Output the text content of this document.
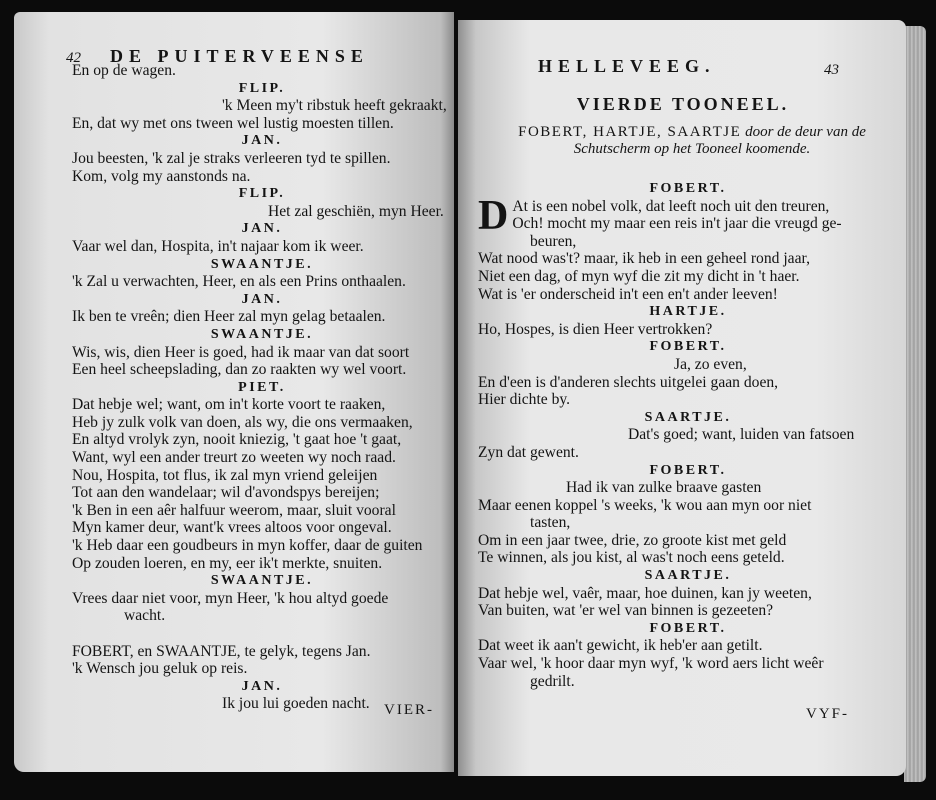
42 DE PUITERVEENSE
En op de wagen.
FLIP.
'k Meen my't ribstuk heeft gekraakt,
En, dat wy met ons tween wel lustig moesten tillen.
JAN.
Jou beesten, 'k zal je straks verleeren tyd te spillen.
Kom, volg my aanstonds na.
FLIP.
Het zal geschiën, myn Heer.
JAN.
Vaar wel dan, Hospita, in't najaar kom ik weer.
SWAANTJE.
'k Zal u verwachten, Heer, en als een Prins onthaalen.
JAN.
Ik ben te vreên; dien Heer zal myn gelag betaalen.
SWAANTJE.
Wis, wis, dien Heer is goed, had ik maar van dat soort
Een heel scheepslading, dan zo raakten wy wel voort.
PIET.
Dat hebje wel; want, om in't korte voort te raaken,
Heb jy zulk volk van doen, als wy, die ons vermaaken,
En altyd vrolyk zyn, nooit kniezig, 't gaat hoe 't gaat,
Want, wyl een ander treurt zo weeten wy noch raad.
Nou, Hospita, tot flus, ik zal myn vriend geleijen
Tot aan den wandelaar; wil d'avondspys bereijen;
'k Ben in een aêr halfuur weerom, maar, sluit vooral
Myn kamer deur, want'k vrees altoos voor ongeval.
'k Heb daar een goudbeurs in myn koffer, daar de guiten
Op zouden loeren, en my, eer ik't merkte, snuiten.
SWAANTJE.
Vrees daar niet voor, myn Heer, 'k hou altyd goede
wacht.
FOBERT, en SWAANTJE, te gelyk, tegens Jan.
'k Wensch jou geluk op reis.
JAN.
Ik jou lui goeden nacht. VIER-
HELLEVEEG.	43
VIERDE TOONEEL.
FOBERT, HARTJE, SAARTJE door de deur van de Schutscherm op het Tooneel koomende.
FOBERT.
D At is een nobel volk, dat leeft noch uit den treuren,
Och! mocht my maar een reis in't jaar die vreugd ge-
beuren,
Wat nood was't? maar, ik heb in een geheel rond jaar,
Niet een dag, of myn wyf die zit my dicht in 't haer.
Wat is 'er onderscheid in't een en't ander leeven!
HARTJE.
Ho, Hospes, is dien Heer vertrokken?
FOBERT.
Ja, zo even,
En d'een is d'anderen slechts uitgelei gaan doen,
Hier dichte by.
SAARTJE.
Dat's goed; want, luiden van fatsoen
Zyn dat gewent.
FOBERT.
Had ik van zulke braave gasten
Maar eenen koppel 's weeks, 'k wou aan myn oor niet
tasten,
Om in een jaar twee, drie, zo groote kist met geld
Te winnen, als jou kist, al was't noch eens geteld.
SAARTJE.
Dat hebje wel, vaêr, maar, hoe duinen, kan jy weeten,
Van buiten, wat 'er wel van binnen is gezeeten?
FOBERT.
Dat weet ik aan't gewicht, ik heb'er aan getilt.
Vaar wel, 'k hoor daar myn wyf, 'k word aers licht weêr
gedrilt.
VYF-
